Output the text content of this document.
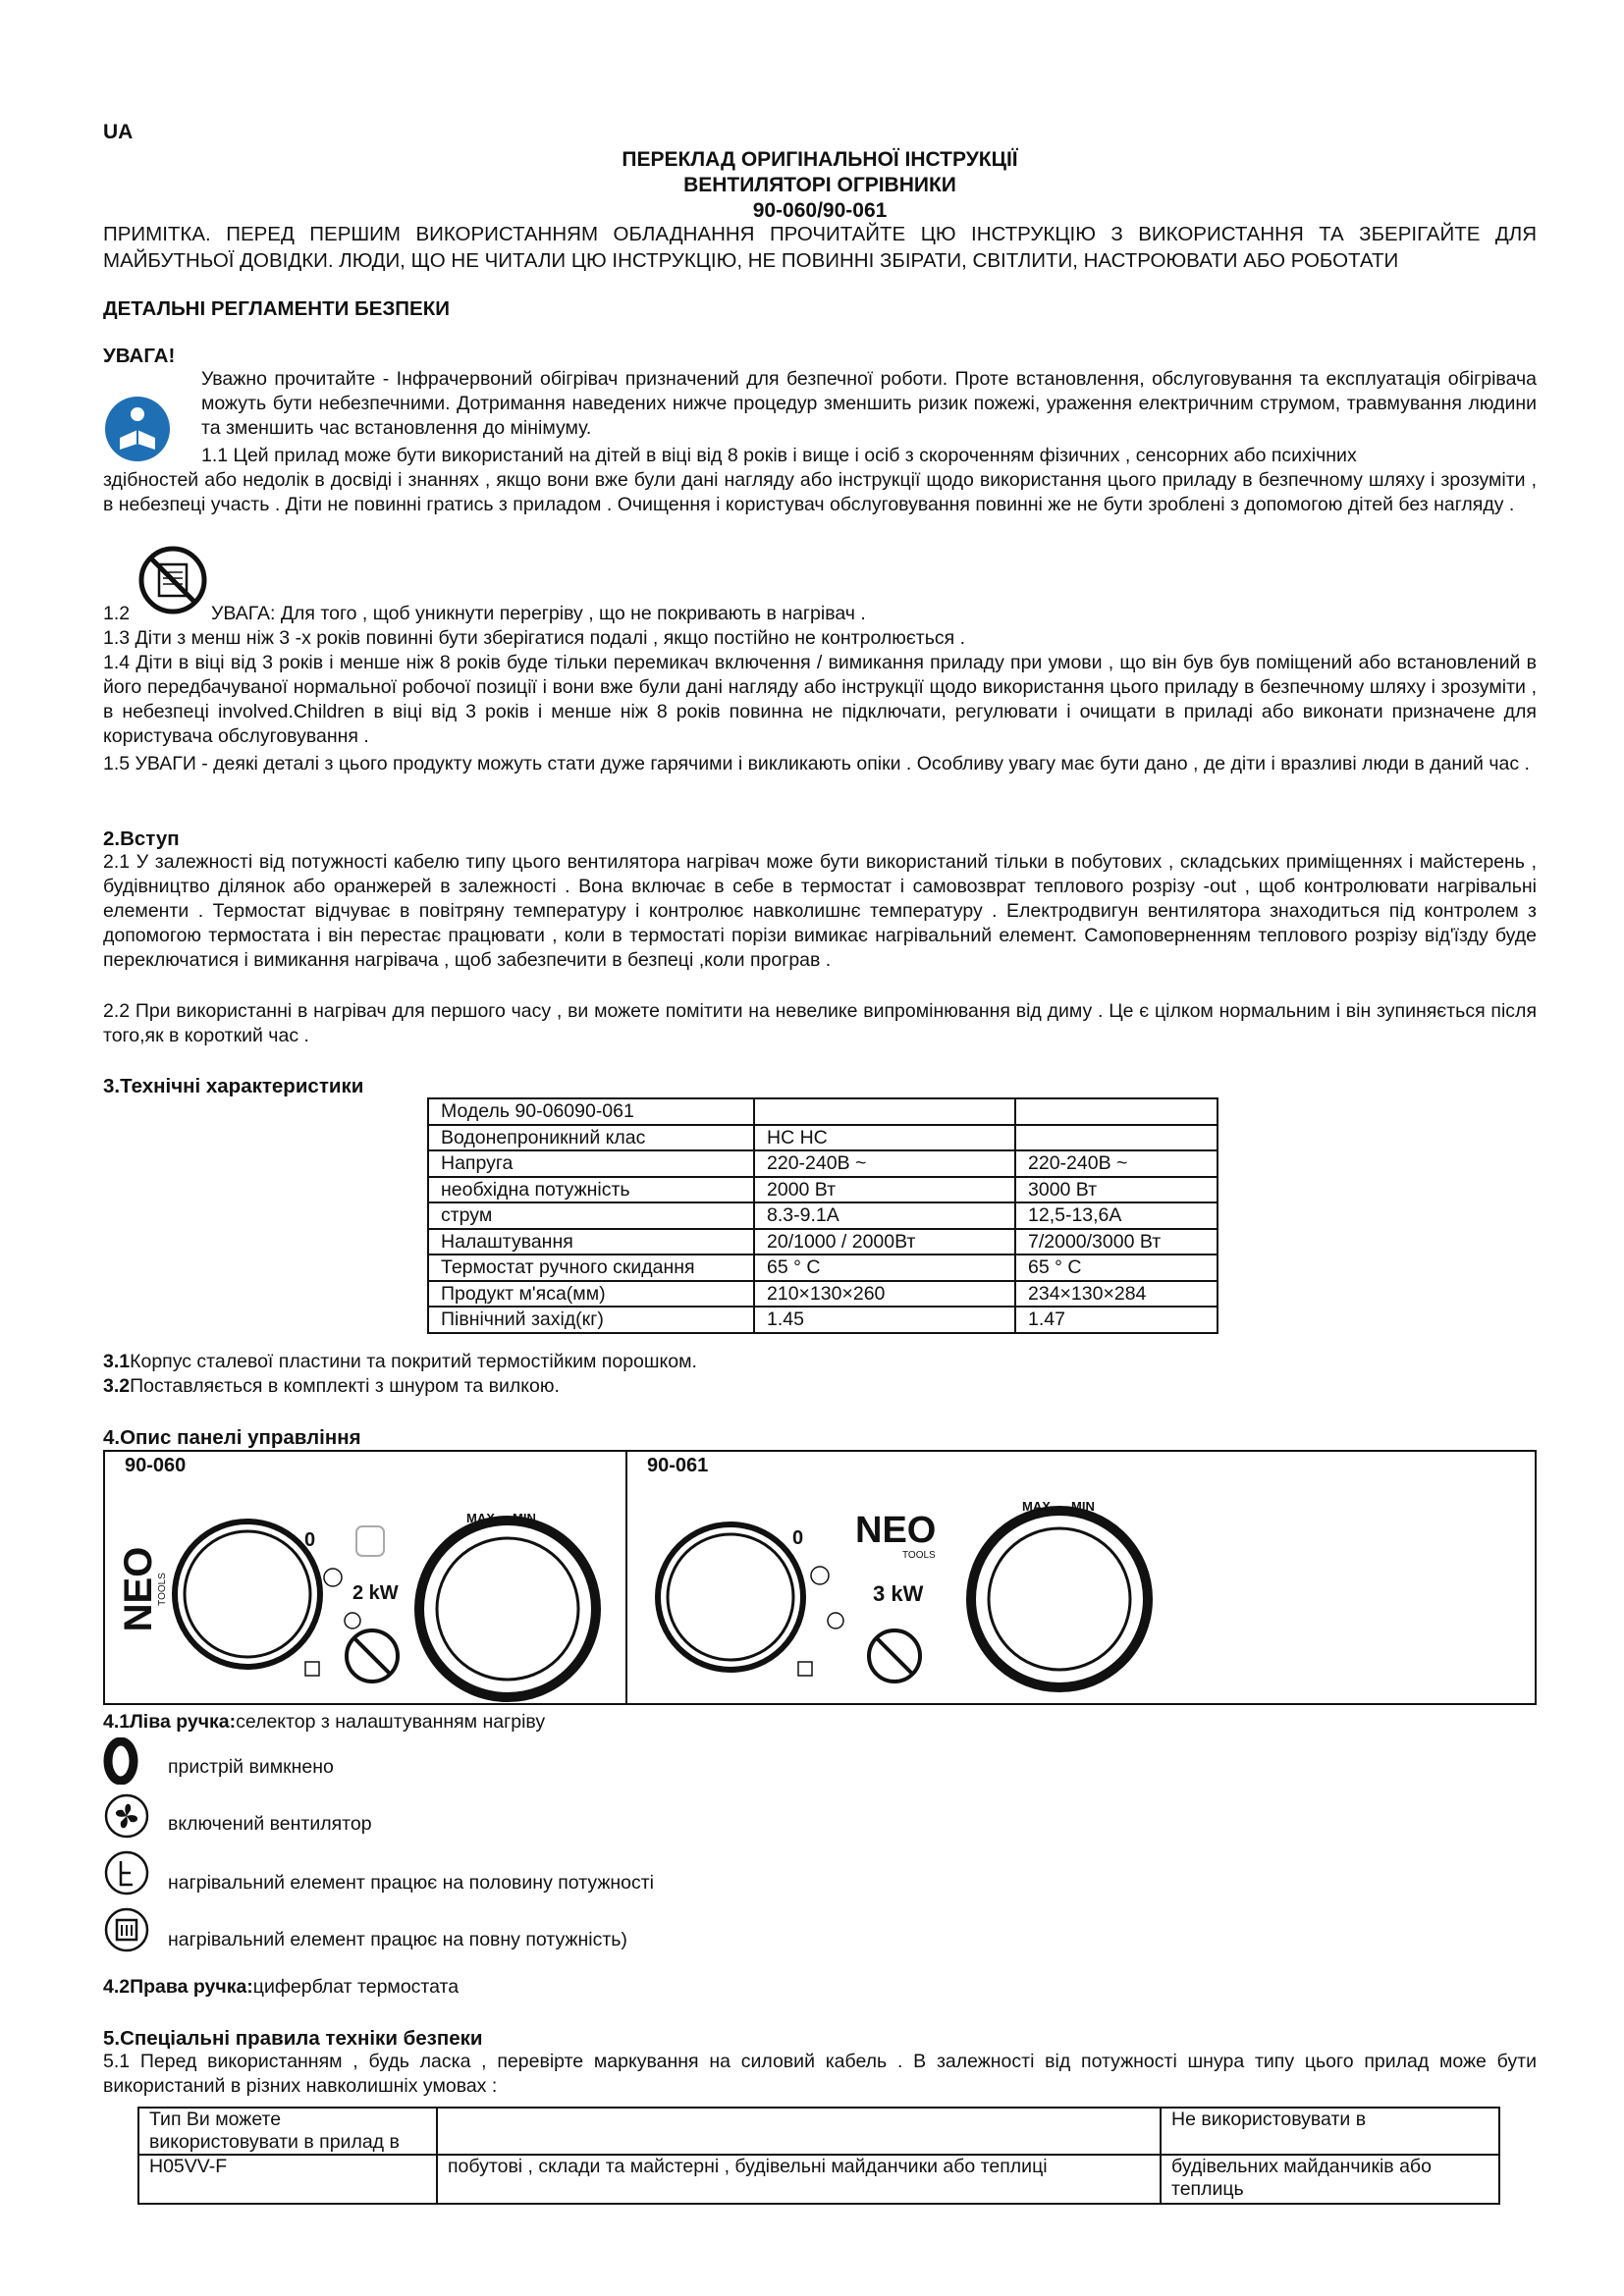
UA
ПЕРЕКЛАД ОРИГІНАЛЬНОЇ ІНСТРУКЦІЇ
ВЕНТИЛЯТОРІ ОГРІВНИКИ
90-060/90-061
ПРИМІТКА. ПЕРЕД ПЕРШИМ ВИКОРИСТАННЯМ ОБЛАДНАННЯ ПРОЧИТАЙТЕ ЦЮ ІНСТРУКЦІЮ З ВИКОРИСТАННЯ ТА ЗБЕРІГАЙТЕ ДЛЯ МАЙБУТНЬОЇ ДОВІДКИ. ЛЮДИ, ЩО НЕ ЧИТАЛИ ЦЮ ІНСТРУКЦІЮ, НЕ ПОВИННІ ЗБІРАТИ, СВІТЛИТИ, НАСТРОЮВАТИ АБО РОБОТАТИ
ДЕТАЛЬНІ РЕГЛАМЕНТИ БЕЗПЕКИ
УВАГА!
Уважно прочитайте - Інфрачервоний обігрівач призначений для безпечної роботи. Проте встановлення, обслуговування та експлуатація обігрівача можуть бути небезпечними. Дотримання наведених нижче процедур зменшить ризик пожежі, ураження електричним струмом, травмування людини та зменшить час встановлення до мінімуму.
1.1 Цей прилад може бути використаний на дітей в віці від 8 років і вище і осіб з скороченням фізичних , сенсорних або психічних
здібностей або недолік в досвіді і знаннях , якщо вони вже були дані нагляду або інструкції щодо використання цього приладу в безпечному шляху і зрозуміти , в небезпеці участь . Діти не повинні гратись з приладом . Очищення і користувач обслуговування повинні же не бути зроблені з допомогою дітей без нагляду .
1.2	УВАГА: Для того , щоб уникнути перегріву , що не покривають в нагрівач .
1.3 Діти з менш ніж 3 -х років повинні бути зберігатися подалі , якщо постійно не контролюється .
1.4 Діти в віці від 3 років і менше ніж 8 років буде тільки перемикач включення / вимикання приладу при умови , що він був був поміщений або встановлений в його передбачуваної нормальної робочої позиції і вони вже були дані нагляду або інструкції щодо використання цього приладу в безпечному шляху і зрозуміти , в небезпеці involved.Children в віці від 3 років і менше ніж 8 років повинна не підключати, регулювати і очищати в приладі або виконати призначене для користувача обслуговування .
1.5 УВАГИ - деякі деталі з цього продукту можуть стати дуже гарячими і викликають опіки . Особливу увагу має бути дано , де діти і вразливі люди в даний час .
2.Вступ
2.1 У залежності від потужності кабелю типу цього вентилятора нагрівач може бути використаний тільки в побутових , складських приміщеннях і майстерень , будівництво ділянок або оранжерей в залежності . Вона включає в себе в термостат і самовозврат теплового розрізу -out , щоб контролювати нагрівальні елементи . Термостат відчуває в повітряну температуру і контролює навколишнє температуру . Електродвигун вентилятора знаходиться під контролем з допомогою термостата і він перестає працювати , коли в термостаті порізи вимикає нагрівальний елемент. Самоповерненням теплового розрізу від'їзду буде переключатися і вимикання нагрівача , щоб забезпечити в безпеці ,коли програв .
2.2 При використанні в нагрівач для першого часу , ви можете помітити на невелике випромінювання від диму . Це є цілком нормальним і він зупиняється після того,як в короткий час .
3.Технічні характеристики
Модель 90-06090-061		
Водонепроникний клас	HC HC	
Напруга	220-240В ~	220-240В ~
необхідна потужність	2000 Вт	3000 Вт
струм	8.3-9.1A	12,5-13,6A
Налаштування	20/1000 / 2000Вт	7/2000/3000 Вт
Термостат ручного скидання	65 ° C	65 ° C
Продукт м'яса(мм)	210×130×260	234×130×284
Північний захід(кг)	1.45	1.47
3.1Корпус сталевої пластини та покритий термостійким порошком.
3.2Поставляється в комплекті з шнуром та вилкою.
4.Опис панелі управління
90-060
NEO
TOOLS
0
2 kW
MAX MIN
90-061
0 NEO
TOOLS
3 kW
MAX MIN
4.1Ліва ручка:селектор з налаштуванням нагріву
пристрій вимкнено
включений вентилятор
нагрівальний елемент працює на половину потужності
нагрівальний елемент працює на повну потужність)
4.2Права ручка:циферблат термостата
5.Спеціальні правила техніки безпеки
5.1 Перед використанням , будь ласка , перевірте маркування на силовий кабель . В залежності від потужності шнура типу цього прилад може бути використаний в різних навколишніх умовах :
Тип Ви можете використовувати в прилад в		Не використовувати в
H05VV-F	побутові , склади та майстерні , будівельні майданчики або теплиці	будівельних майданчиків або теплиць
